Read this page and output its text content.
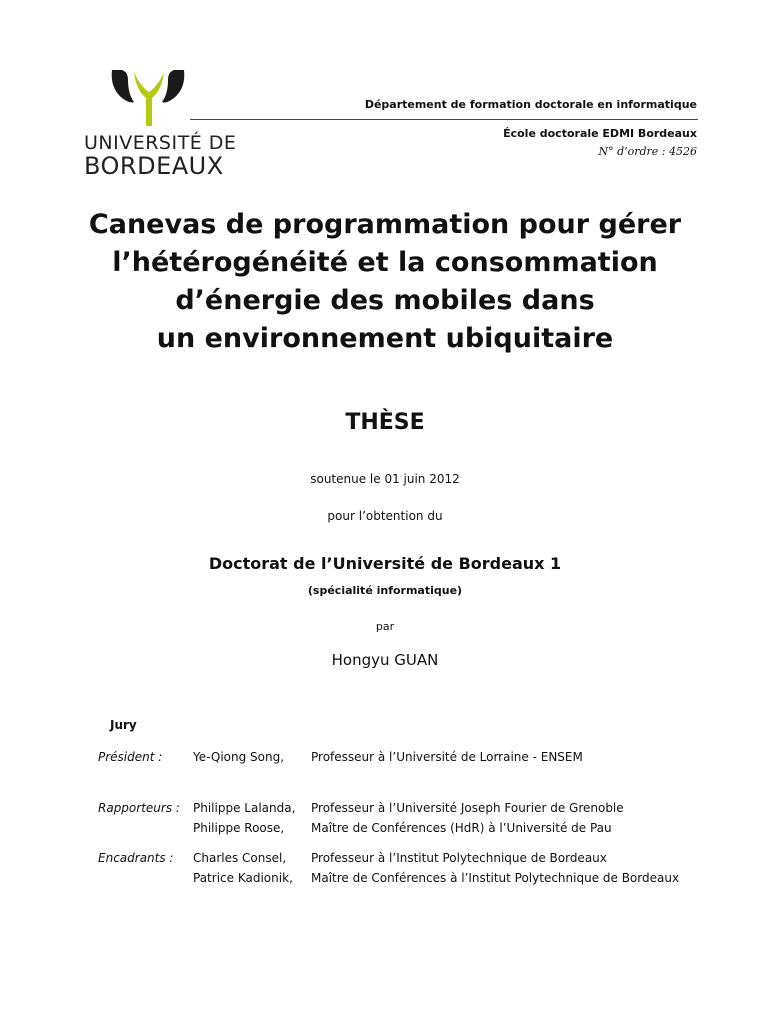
UNIVERSITÉ DE
BORDEAUX
Département de formation doctorale en informatique
École doctorale EDMI Bordeaux
N° d’ordre : 4526
Canevas de programmation pour gérer
l’hétérogénéité et la consommation
d’énergie des mobiles dans
un environnement ubiquitaire
THÈSE
soutenue le 01 juin 2012
pour l’obtention du
Doctorat de l’Université de Bordeaux 1
(spécialité informatique)
par
Hongyu GUAN
Jury
Président :	Ye-Qiong Song, Professeur à l’Université de Lorraine - ENSEM
Rapporteurs : Philippe Lalanda, Professeur à l’Université Joseph Fourier de Grenoble
Philippe Roose, Maître de Conférences (HdR) à l’Université de Pau
Encadrants : Charles Consel, Professeur à l’Institut Polytechnique de Bordeaux
Patrice Kadionik, Maître de Conférences à l’Institut Polytechnique de Bordeaux
